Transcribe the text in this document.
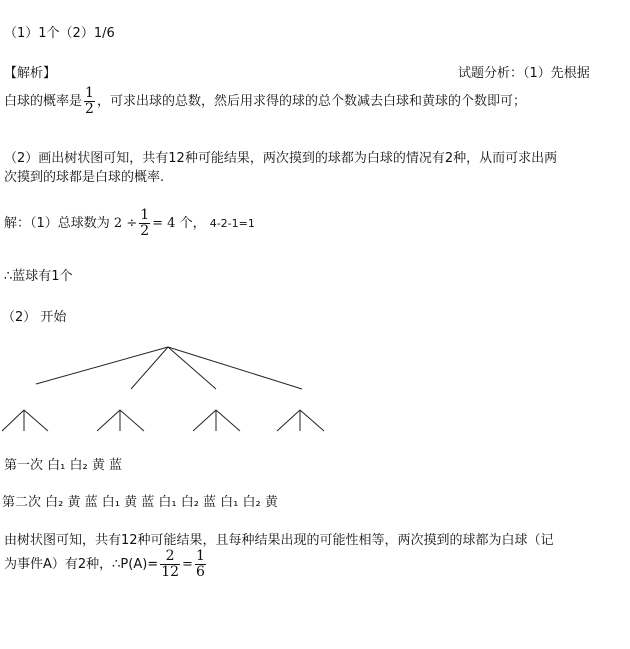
（1）1个（2）1/6
【解析】	试题分析：（1）先根据
白球的概率是 $\frac{1}{2}$ ，可求出球的总数，然后用求得的球的总个数减去白球和黄球的个数即可；
（2）画出树状图可知，共有12种可能结果，两次摸到的球都为白球的情况有2种，从而可求出两
次摸到的球都是白球的概率.
解：（1）总球数为 $2 \div \frac{1}{2} = 4$ 个， 4-2-1=1
∴蓝球有1个
（2） 开始
第一次 白₁ 白₂ 黄 蓝
第二次 白₂ 黄 蓝 白₁ 黄 蓝 白₁ 白₂ 蓝 白₁ 白₂ 黄
由树状图可知，共有12种可能结果，且每种结果出现的可能性相等，两次摸到的球都为白球（记
为事件A）有2种，∴P(A)= $\frac{2}{12} = \frac{1}{6}$
